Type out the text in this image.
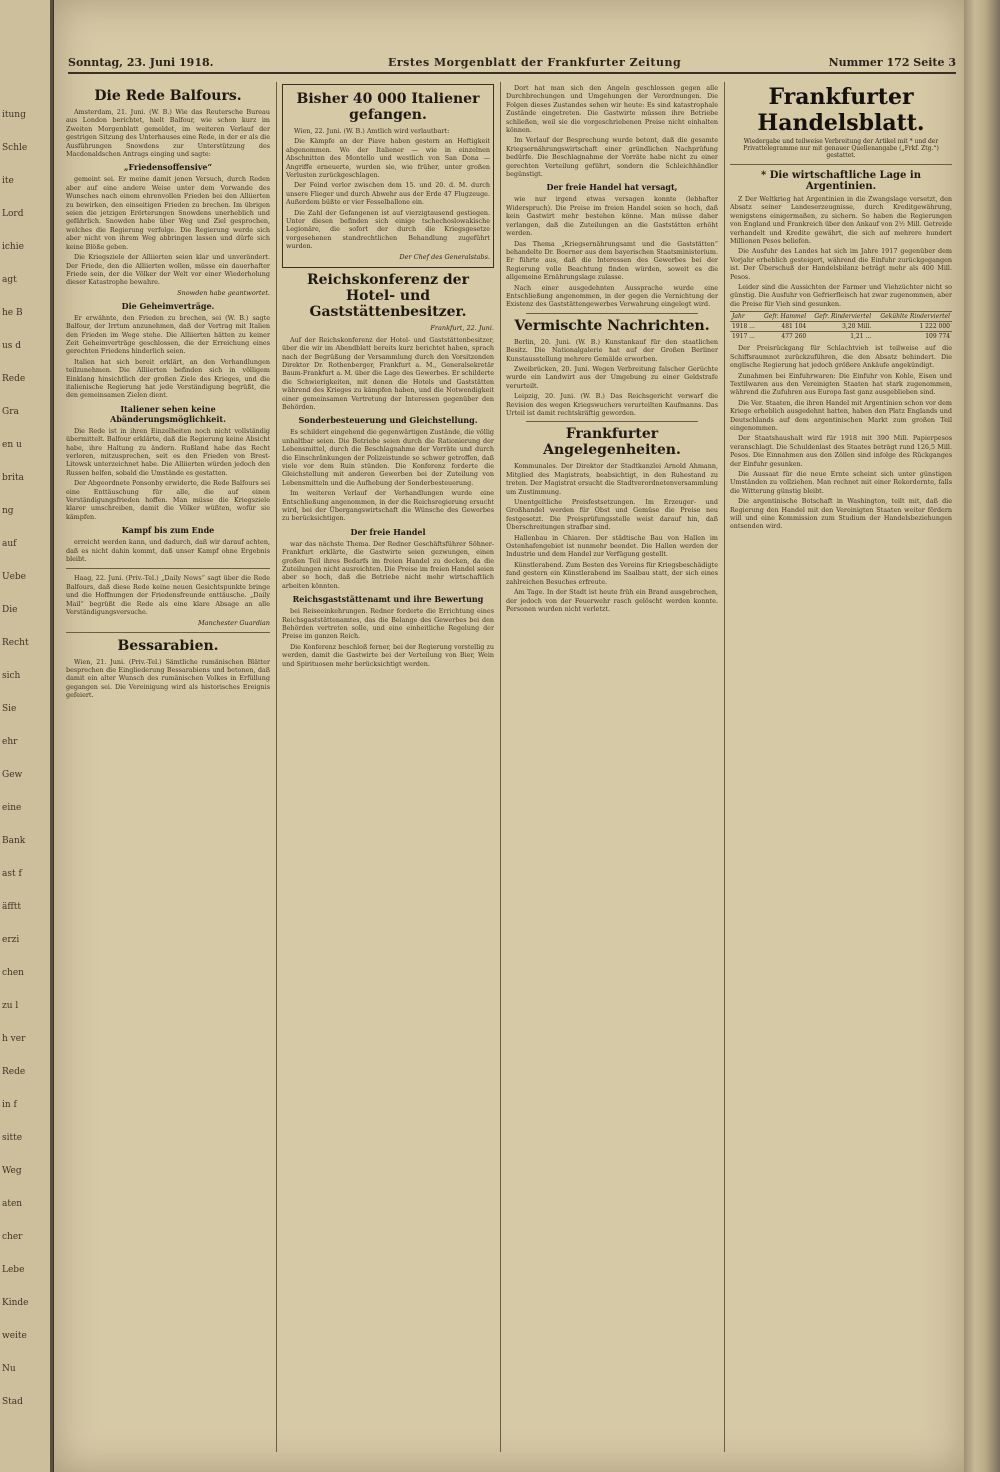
itung
Schle
ite
Lord
ichie
agt
he B
us d
Rede
Gra
en u
brita
ng
auf
Uebe
Die
Recht
sich
Sie
ehr
Gew
eine
Bank
ast f
äfftt
erzi
chen
zu l
h ver
Rede
in f
sitte
Weg
aten
cher
Lebe
Kinde
weite
Nu
Stad
Sonntag, 23. Juni 1918.	Erstes Morgenblatt der Frankfurter Zeitung	Nummer 172 Seite 3
Die Rede Balfours.

Amsterdam, 21. Juni. (W. B.) Wie das Reutersche Bureau aus London berichtet, hielt Balfour, wie schon kurz im Zweiten Morgenblatt gemeldet, im weiteren Verlauf der gestrigen Sitzung des Unterhauses eine Rede, in der er als die Ausführungen Snowdens zur Unterstützung des Macdonaldschen Antrags einging und sagte:

„Friedensoffensive“

gemeint sei. Er meine damit jenen Versuch, durch Reden aber auf eine andere Weise unter dem Vorwande des Wunsches nach einem ehrenvollen Frieden bei den Alliierten zu bewirken, den einseitigen Frieden zu brechen. Im übrigen seien die jetzigen Erörterungen Snowdens unerheblich und gefährlich. Snowden habe über Weg und Ziel gesprochen, welches die Regierung verfolge. Die Regierung werde sich aber nicht von ihrem Weg abbringen lassen und dürfe sich keine Blöße geben.

Die Kriegsziele der Alliierten seien klar und unverändert. Der Friede, den die Alliierten wollen, müsse ein dauerhafter Friede sein, der die Völker der Welt vor einer Wiederholung dieser Katastrophe bewahre.

Snowden habe geantwortet.
Die Geheimverträge.

Er erwähnte, den Frieden zu brechen, sei (W. B.) sagte Balfour, der Irrtum anzunehmen, daß der Vertrag mit Italien den Frieden im Wege stehe. Die Alliierten hätten zu keiner Zeit Geheimverträge geschlossen, die der Erreichung eines gerechten Friedens hinderlich seien.

Italien hat sich bereit erklärt, an den Verhandlungen teilzunehmen. Die Alliierten befinden sich in völligem Einklang hinsichtlich der großen Ziele des Krieges, und die italienische Regierung hat jede Verständigung begrüßt, die den gemeinsamen Zielen dient.

Italiener sehen keine Abänderungsmöglichkeit.

Die Rede ist in ihren Einzelheiten noch nicht vollständig übermittelt. Balfour erklärte, daß die Regierung keine Absicht habe, ihre Haltung zu ändern. Rußland habe das Recht verloren, mitzusprechen, seit es den Frieden von Brest-Litowsk unterzeichnet habe. Die Alliierten würden jedoch den Russen helfen, sobald die Umstände es gestatten.

Der Abgeordnete Ponsonby erwiderte, die Rede Balfours sei eine Enttäuschung für alle, die auf einen Verständigungsfrieden hoffen. Man müsse die Kriegsziele klarer umschreiben, damit die Völker wüßten, wofür sie kämpfen.

Kampf bis zum Ende

erreicht werden kann, und dadurch, daß wir darauf achten, daß es nicht dahin kommt, daß unser Kampf ohne Ergebnis bleibt.

Haag, 22. Juni. (Priv.-Tel.) „Daily News“ sagt über die Rede Balfours, daß diese Rede keine neuen Gesichtspunkte bringe und die Hoffnungen der Friedensfreunde enttäusche. „Daily Mail“ begrüßt die Rede als eine klare Absage an alle Verständigungsversuche.

Manchester Guardian
Bessarabien.

Wien, 21. Juni. (Priv.-Tel.) Sämtliche rumänischen Blätter besprechen die Eingliederung Bessarabiens und betonen, daß damit ein alter Wunsch des rumänischen Volkes in Erfüllung gegangen sei. Die Vereinigung wird als historisches Ereignis gefeiert.

Bisher 40 000 Italiener gefangen.

Wien, 22. Juni. (W. B.) Amtlich wird verlautbart:

Die Kämpfe an der Piave haben gestern an Heftigkeit abgenommen. Wo der Italiener — wie in einzelnen Abschnitten des Montello und westlich von San Dona — Angriffe erneuerte, wurden sie, wie früher, unter großen Verlusten zurückgeschlagen.

Der Feind verlor zwischen dem 15. und 20. d. M. durch unsere Flieger und durch Abwehr aus der Erde 47 Flugzeuge. Außerdem büßte er vier Fesselballone ein.

Die Zahl der Gefangenen ist auf vierzigtausend gestiegen. Unter diesen befinden sich einige tschechoslowakische Legionäre, die sofort der durch die Kriegsgesetze vorgesehenen standrechtlichen Behandlung zugeführt wurden.

Der Chef des Generalstabs.
Reichskonferenz der Hotel- und Gaststättenbesitzer.
Frankfurt, 22. Juni.

Auf der Reichskonferenz der Hotel- und Gaststättenbesitzer, über die wir im Abendblatt bereits kurz berichtet haben, sprach nach der Begrüßung der Versammlung durch den Vorsitzenden Direktor Dr. Rothenberger, Frankfurt a. M., Generalsekretär Baum-Frankfurt a. M. über die Lage des Gewerbes. Er schilderte die Schwierigkeiten, mit denen die Hotels und Gaststätten während des Krieges zu kämpfen haben, und die Notwendigkeit einer gemeinsamen Vertretung der Interessen gegenüber den Behörden.

Sonderbesteuerung und Gleichstellung.

Es schildert eingehend die gegenwärtigen Zustände, die völlig unhaltbar seien. Die Betriebe seien durch die Rationierung der Lebensmittel, durch die Beschlagnahme der Vorräte und durch die Einschränkungen der Polizeistunde so schwer getroffen, daß viele vor dem Ruin stünden. Die Konferenz forderte die Gleichstellung mit anderen Gewerben bei der Zuteilung von Lebensmitteln und die Aufhebung der Sonderbesteuerung.

Im weiteren Verlauf der Verhandlungen wurde eine Entschließung angenommen, in der die Reichsregierung ersucht wird, bei der Übergangswirtschaft die Wünsche des Gewerbes zu berücksichtigen.

Der freie Handel

war das nächste Thema. Der Redner Geschäftsführer Söhner-Frankfurt erklärte, die Gastwirte seien gezwungen, einen großen Teil ihres Bedarfs im freien Handel zu decken, da die Zuteilungen nicht ausreichten. Die Preise im freien Handel seien aber so hoch, daß die Betriebe nicht mehr wirtschaftlich arbeiten könnten.

Reichsgaststättenamt und ihre Bewertung

bei Reiseeinkehrungen. Redner forderte die Errichtung eines Reichsgaststättenamtes, das die Belange des Gewerbes bei den Behörden vertreten solle, und eine einheitliche Regelung der Preise im ganzen Reich.

Die Konferenz beschloß ferner, bei der Regierung vorstellig zu werden, damit die Gastwirte bei der Verteilung von Bier, Wein und Spirituosen mehr berücksichtigt werden.

Dort hat man sich den Angeln geschlossen gegen alle Durchbrechungen und Umgehungen der Verordnungen. Die Folgen dieses Zustandes sehen wir heute: Es sind katastrophale Zustände eingetreten. Die Gastwirte müssen ihre Betriebe schließen, weil sie die vorgeschriebenen Preise nicht einhalten können.

Im Verlauf der Besprechung wurde betont, daß die gesamte Kriegsernährungswirtschaft einer gründlichen Nachprüfung bedürfe. Die Beschlagnahme der Vorräte habe nicht zu einer gerechten Verteilung geführt, sondern die Schleichhändler begünstigt.

Der freie Handel hat versagt,

wie nur irgend etwas versagen konnte (lebhafter Widerspruch). Die Preise im freien Handel seien so hoch, daß kein Gastwirt mehr bestehen könne. Man müsse daher verlangen, daß die Zuteilungen an die Gaststätten erhöht werden.

Das Thema „Kriegsernährungsamt und die Gaststätten“ behandelte Dr. Boerner aus dem bayerischen Staatsministerium. Er führte aus, daß die Interessen des Gewerbes bei der Regierung volle Beachtung finden würden, soweit es die allgemeine Ernährungslage zulasse.

Nach einer ausgedehnten Aussprache wurde eine Entschließung angenommen, in der gegen die Vernichtung der Existenz des Gaststättengewerbes Verwahrung eingelegt wird.

Vermischte Nachrichten.

Berlin, 20. Juni. (W. B.) Kunstankauf für den staatlichen Besitz. Die Nationalgalerie hat auf der Großen Berliner Kunstausstellung mehrere Gemälde erworben.

Zweibrücken, 20. Juni. Wegen Verbreitung falscher Gerüchte wurde ein Landwirt aus der Umgebung zu einer Geldstrafe verurteilt.

Leipzig, 20. Juni. (W. B.) Das Reichsgericht verwarf die Revision des wegen Kriegswuchers verurteilten Kaufmanns. Das Urteil ist damit rechtskräftig geworden.

Frankfurter Angelegenheiten.

Kommunales. Der Direktor der Stadtkanzlei Arnold Ahmann, Mitglied des Magistrats, beabsichtigt, in den Ruhestand zu treten. Der Magistrat ersucht die Stadtverordnetenversammlung um Zustimmung.

Unentgeltliche Preisfestsetzungen. Im Erzeuger- und Großhandel werden für Obst und Gemüse die Preise neu festgesetzt. Die Preisprüfungsstelle weist darauf hin, daß Überschreitungen strafbar sind.

Hallenbau in Chiaren. Der städtische Bau von Hallen im Ostenhafengebiet ist nunmehr beendet. Die Hallen werden der Industrie und dem Handel zur Verfügung gestellt.

Künstlerabend. Zum Besten des Vereins für Kriegsbeschädigte fand gestern ein Künstlerabend im Saalbau statt, der sich eines zahlreichen Besuches erfreute.

Am Tage. In der Stadt ist heute früh ein Brand ausgebrochen, der jedoch von der Feuerwehr rasch gelöscht werden konnte. Personen wurden nicht verletzt.

Frankfurter Handelsblatt.
Wiedergabe und teilweise Verbreitung der Artikel mit * und der Privattelegramme nur mit genauer Quellenangabe („Frkf. Ztg.“) gestattet.
* Die wirtschaftliche Lage in Argentinien.

Z Der Weltkrieg hat Argentinien in die Zwangslage versetzt, den Absatz seiner Landeserzeugnisse, durch Kreditgewährung, wenigstens einigermaßen, zu sichern. So haben die Regierungen von England und Frankreich über den Ankauf von 2½ Mill. Getreide verhandelt und Kredite gewährt, die sich auf mehrere hundert Millionen Pesos beliefen.

Die Ausfuhr des Landes hat sich im Jahre 1917 gegenüber dem Vorjahr erheblich gesteigert, während die Einfuhr zurückgegangen ist. Der Überschuß der Handelsbilanz beträgt mehr als 400 Mill. Pesos.

Leider sind die Aussichten der Farmer und Viehzüchter nicht so günstig. Die Ausfuhr von Gefrierfleisch hat zwar zugenommen, aber die Preise für Vieh sind gesunken.

Jahr	Gefr. Hammel	Gefr. Rinderviertel	Gekühlte Rinderviertel
1918 ...	481 104	3,20 Mill.	1 222 000
1917 ...	477 260	1,21 ...	109 774

Der Preisrückgang für Schlachtvieh ist teilweise auf die Schiffsraumnot zurückzuführen, die den Absatz behindert. Die englische Regierung hat jedoch größere Ankäufe angekündigt.

Zunahmen bei Einfuhrwaren: Die Einfuhr von Kohle, Eisen und Textilwaren aus den Vereinigten Staaten hat stark zugenommen, während die Zufuhren aus Europa fast ganz ausgeblieben sind.

Die Ver. Staaten, die ihren Handel mit Argentinien schon vor dem Kriege erheblich ausgedehnt hatten, haben den Platz Englands und Deutschlands auf dem argentinischen Markt zum großen Teil eingenommen.

Der Staatshaushalt wird für 1918 mit 390 Mill. Papierpesos veranschlagt. Die Schuldenlast des Staates beträgt rund 126,5 Mill. Pesos. Die Einnahmen aus den Zöllen sind infolge des Rückganges der Einfuhr gesunken.

Die Aussaat für die neue Ernte scheint sich unter günstigen Umständen zu vollziehen. Man rechnet mit einer Rekordernte, falls die Witterung günstig bleibt.

Die argentinische Botschaft in Washington, teilt mit, daß die Regierung den Handel mit den Vereinigten Staaten weiter fördern will und eine Kommission zum Studium der Handelsbeziehungen entsenden wird.
